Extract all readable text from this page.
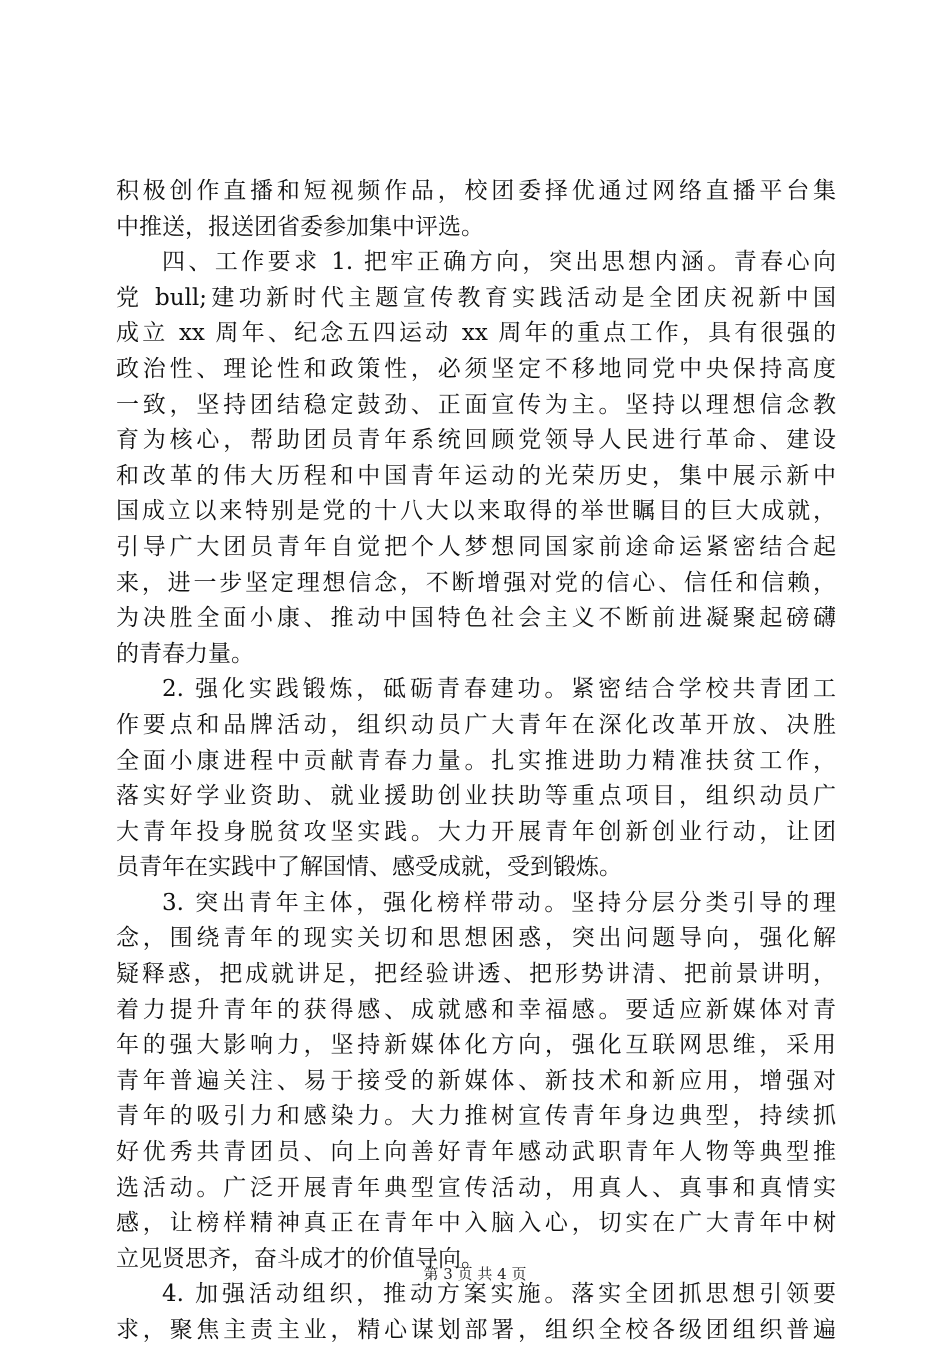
积极创作直播和短视频作品，校团委择优通过网络直播平台集
中推送，报送团省委参加集中评选。
四、工作要求 1. 把牢正确方向，突出思想内涵。青春心向
党 bull;建功新时代主题宣传教育实践活动是全团庆祝新中国
成立 xx 周年、纪念五四运动 xx 周年的重点工作，具有很强的
政治性、理论性和政策性，必须坚定不移地同党中央保持高度
一致，坚持团结稳定鼓劲、正面宣传为主。坚持以理想信念教
育为核心，帮助团员青年系统回顾党领导人民进行革命、建设
和改革的伟大历程和中国青年运动的光荣历史，集中展示新中
国成立以来特别是党的十八大以来取得的举世瞩目的巨大成就，
引导广大团员青年自觉把个人梦想同国家前途命运紧密结合起
来，进一步坚定理想信念，不断增强对党的信心、信任和信赖，
为决胜全面小康、推动中国特色社会主义不断前进凝聚起磅礴
的青春力量。
2. 强化实践锻炼，砥砺青春建功。紧密结合学校共青团工
作要点和品牌活动，组织动员广大青年在深化改革开放、决胜
全面小康进程中贡献青春力量。扎实推进助力精准扶贫工作，
落实好学业资助、就业援助创业扶助等重点项目，组织动员广
大青年投身脱贫攻坚实践。大力开展青年创新创业行动，让团
员青年在实践中了解国情、感受成就，受到锻炼。
3. 突出青年主体，强化榜样带动。坚持分层分类引导的理
念，围绕青年的现实关切和思想困惑，突出问题导向，强化解
疑释惑，把成就讲足，把经验讲透、把形势讲清、把前景讲明，
着力提升青年的获得感、成就感和幸福感。要适应新媒体对青
年的强大影响力，坚持新媒体化方向，强化互联网思维，采用
青年普遍关注、易于接受的新媒体、新技术和新应用，增强对
青年的吸引力和感染力。大力推树宣传青年身边典型，持续抓
好优秀共青团员、向上向善好青年感动武职青年人物等典型推
选活动。广泛开展青年典型宣传活动，用真人、真事和真情实
感，让榜样精神真正在青年中入脑入心，切实在广大青年中树
立见贤思齐，奋斗成才的价值导向。
4. 加强活动组织，推动方案实施。落实全团抓思想引领要
求，聚焦主责主业，精心谋划部署，组织全校各级团组织普遍
第 3 页 共 4 页
